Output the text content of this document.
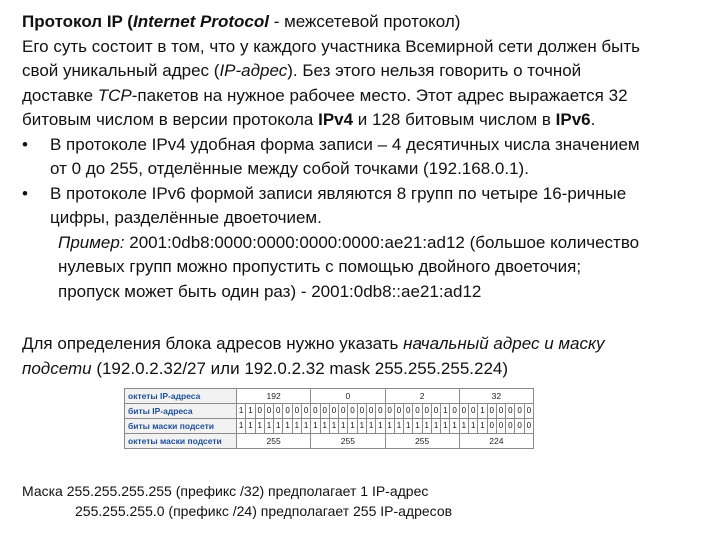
Протокол IP (Internet Protocol - межсетевой протокол)
Его суть состоит в том, что у каждого участника Всемирной сети должен быть
свой уникальный адрес (IP-адрес). Без этого нельзя говорить о точной
доставке TCP-пакетов на нужное рабочее место. Этот адрес выражается 32
битовым числом в версии протокола IPv4 и 128 битовым числом в IPv6.
•	В протоколе IPv4 удобная форма записи – 4 десятичных числа значением
от 0 до 255, отделённые между собой точками (192.168.0.1).
•	В протоколе IPv6 формой записи являются 8 групп по четыре 16-ричные
цифры, разделённые двоеточием.
Пример: 2001:0db8:0000:0000:0000:0000:ae21:ad12 (большое количество
нулевых групп можно пропустить с помощью двойного двоеточия;
пропуск может быть один раз) - 2001:0db8::ae21:ad12
Для определения блока адресов нужно указать начальный адрес и маску
подсети (192.0.2.32/27 или 192.0.2.32 mask 255.255.255.224)
октеты IP-адреса	192								0								2								32							
биты IP-адреса	1	1	0	0	0	0	0	0	0	0	0	0	0	0	0	0	0	0	0	0	0	0	1	0	0	0	1	0	0	0	0	0
биты маски подсети	1	1	1	1	1	1	1	1	1	1	1	1	1	1	1	1	1	1	1	1	1	1	1	1	1	1	1	0	0	0	0	0
октеты маски подсети	255								255								255								224							
Маска 255.255.255.255 (префикс /32) предполагает 1 IP-адрес
255.255.255.0 (префикс /24) предполагает 255 IP-адресов
